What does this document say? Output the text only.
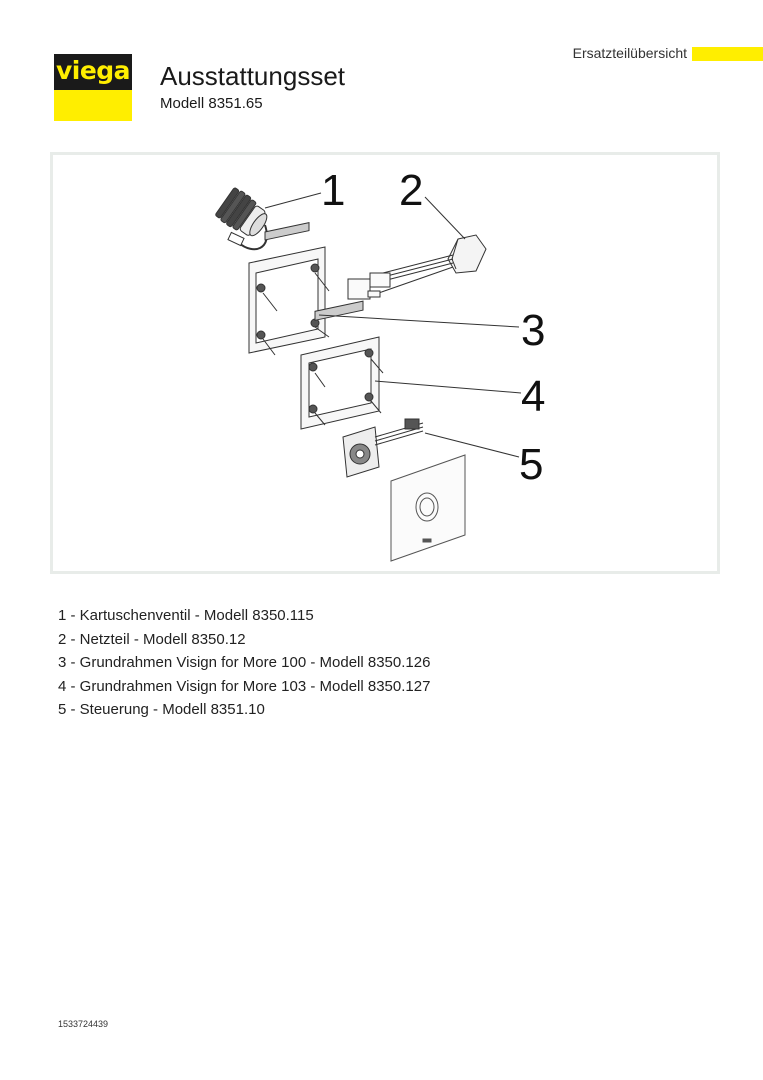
viega Ausstattungsset
Modell 8351.65
Ersatzteilübersicht
1 2
3
4
5
1 - Kartuschenventil - Modell 8350.115
2 - Netzteil - Modell 8350.12
3 - Grundrahmen Visign for More 100 - Modell 8350.126
4 - Grundrahmen Visign for More 103 - Modell 8350.127
5 - Steuerung - Modell 8351.10
1533724439
